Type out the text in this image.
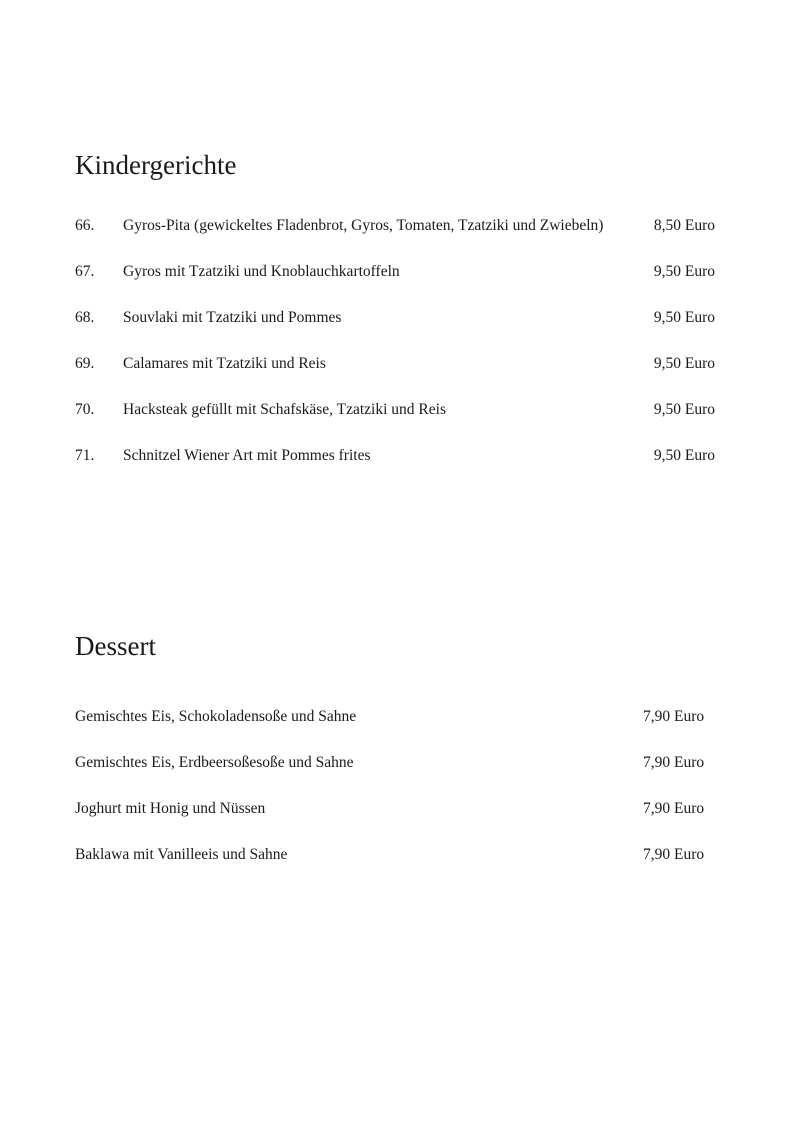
Kindergerichte
66. Gyros-Pita (gewickeltes Fladenbrot, Gyros, Tomaten, Tzatziki und Zwiebeln)	8,50 Euro
67. Gyros mit Tzatziki und Knoblauchkartoffeln	9,50 Euro
68. Souvlaki mit Tzatziki und Pommes	9,50 Euro
69. Calamares mit Tzatziki und Reis	9,50 Euro
70. Hacksteak gefüllt mit Schafskäse, Tzatziki und Reis	9,50 Euro
71. Schnitzel Wiener Art mit Pommes frites	9,50 Euro
Dessert
Gemischtes Eis, Schokoladensoße und Sahne	7,90 Euro
Gemischtes Eis, Erdbeersoßesoße und Sahne	7,90 Euro
Joghurt mit Honig und Nüssen	7,90 Euro
Baklawa mit Vanilleeis und Sahne	7,90 Euro
